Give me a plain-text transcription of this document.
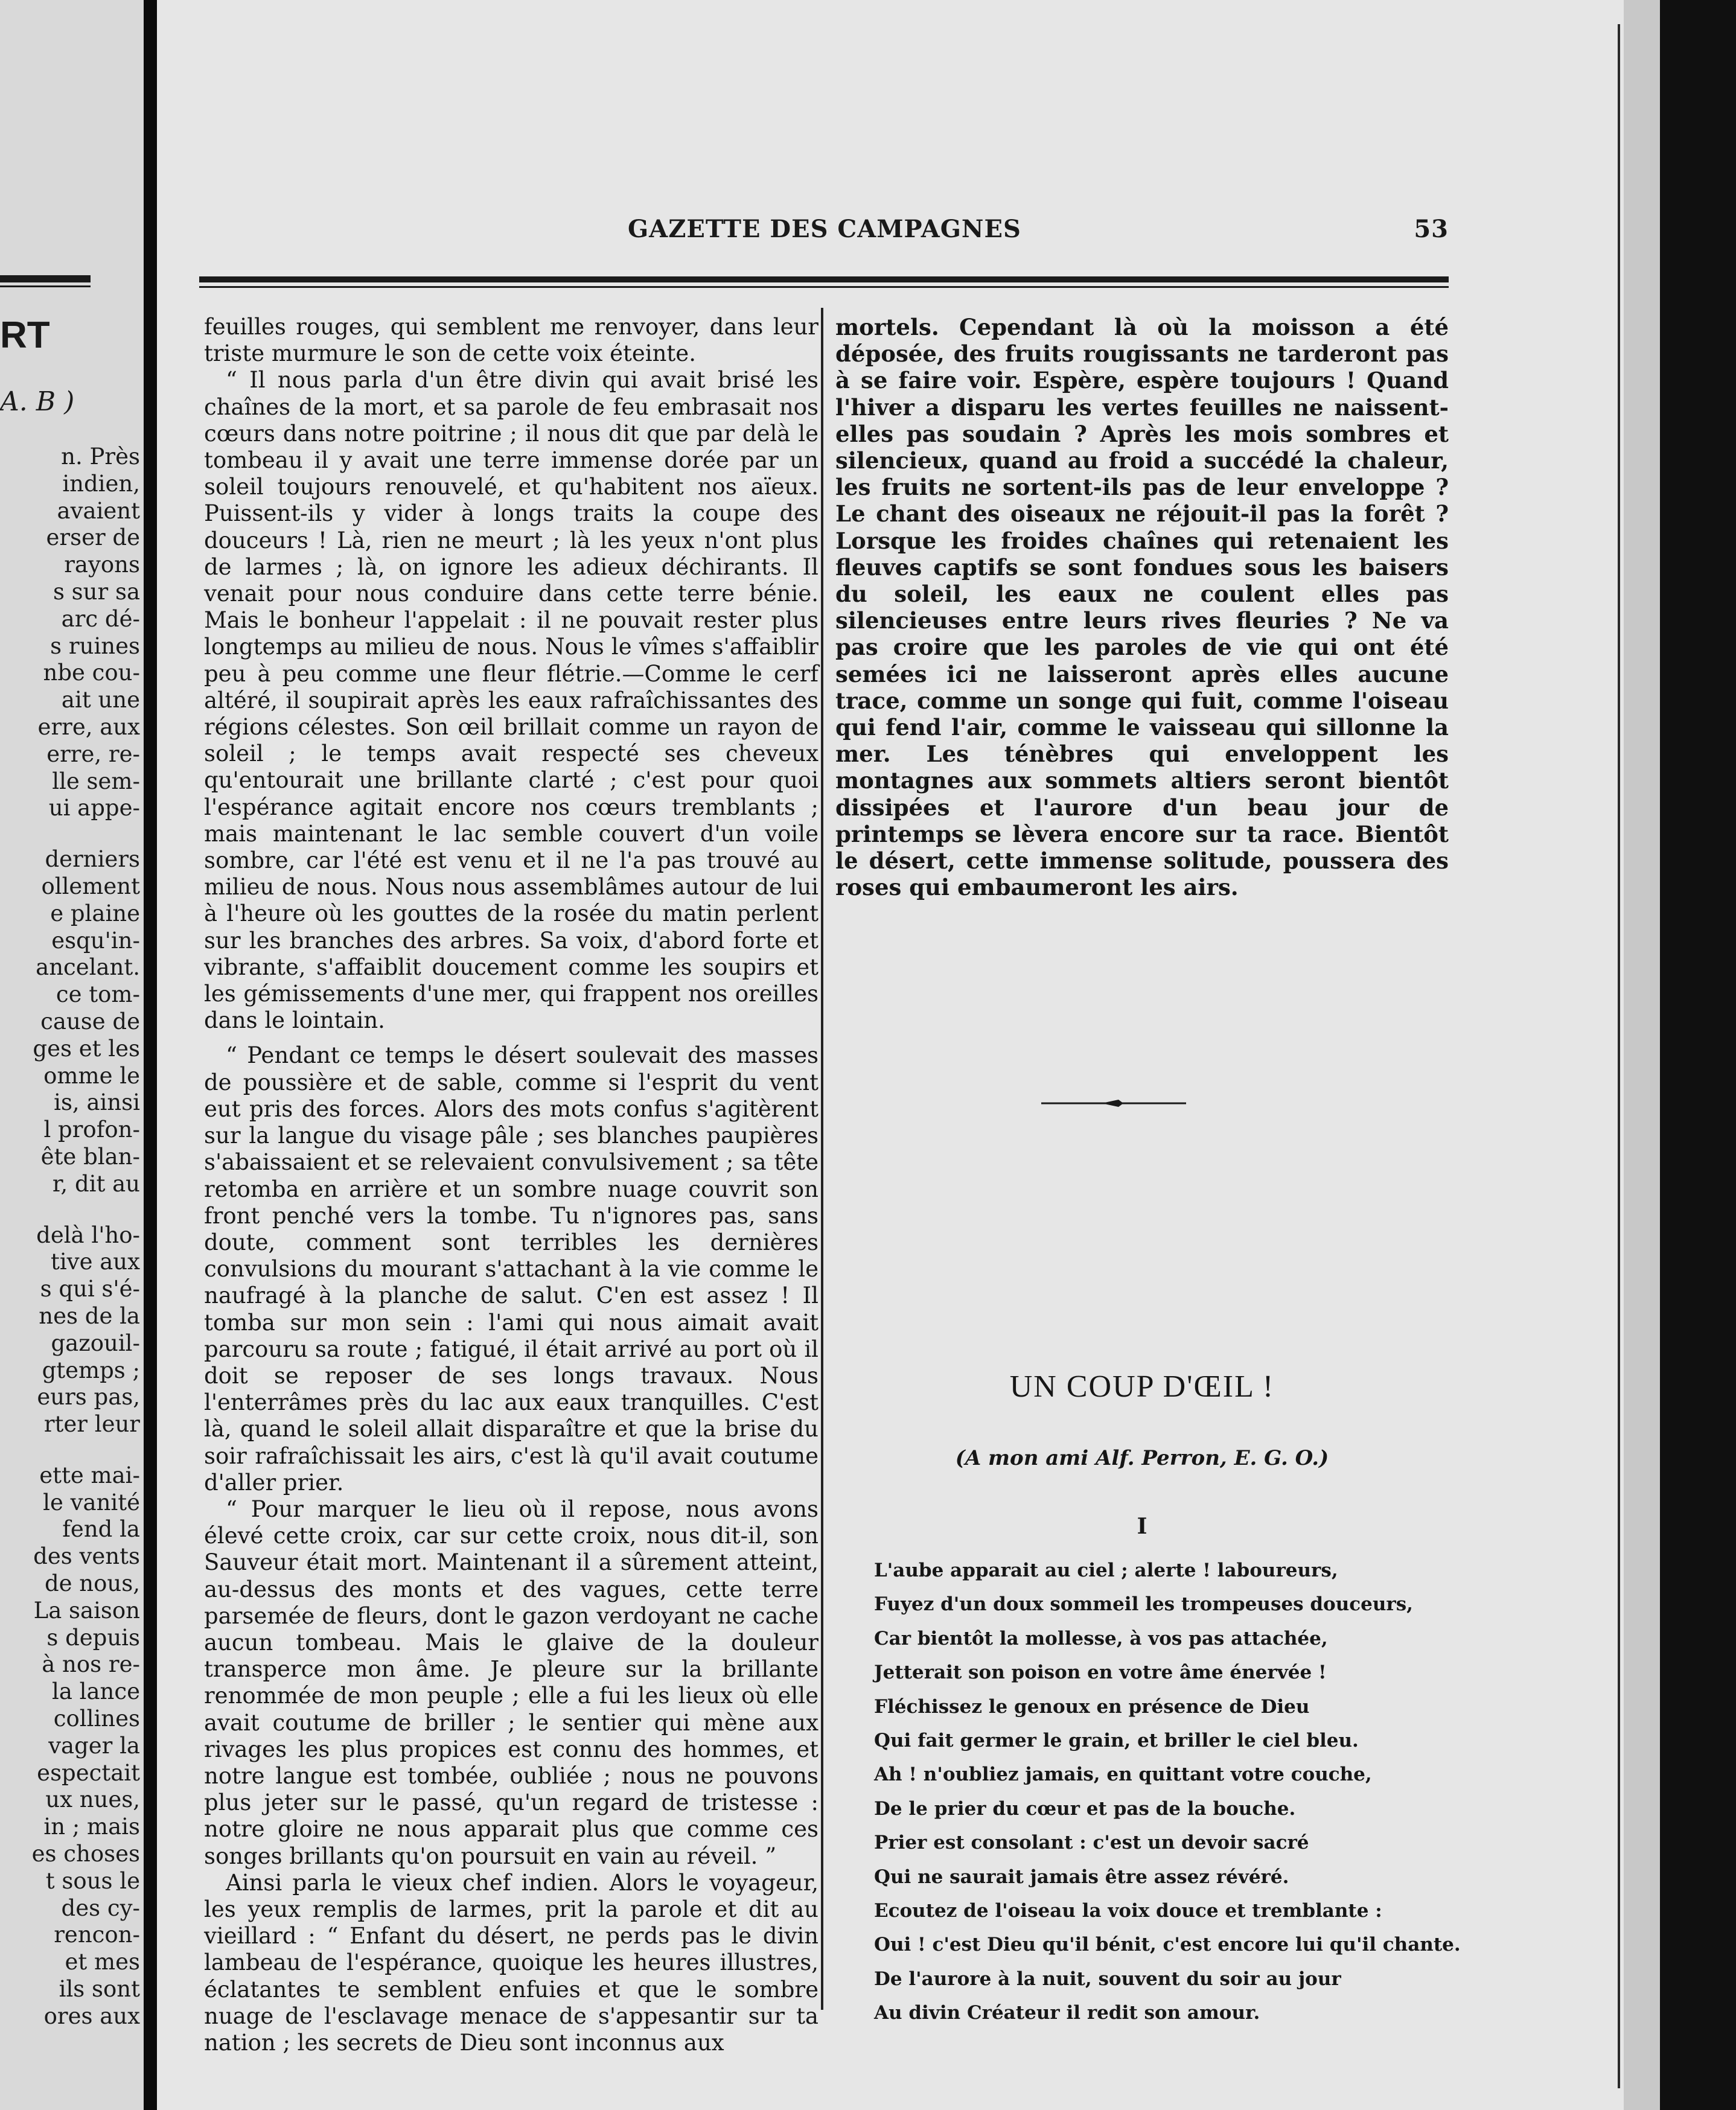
RT
A. B )
n. Près
indien,
avaient
erser de
rayons
s sur sa
arc dé-
s ruines
nbe cou-
ait une
erre, aux
erre, re-
lle sem-
ui appe-
derniers
ollement
e plaine
esqu'in-
ancelant.
ce tom-
cause de
ges et les
omme le
is, ainsi
l profon-
ête blan-
r, dit au
delà l'ho-
tive aux
s qui s'é-
nes de la
gazouil-
gtemps ;
eurs pas,
rter leur
ette mai-
le vanité
fend la
des vents
de nous,
La saison
s depuis
à nos re-
la lance
collines
vager la
espectait
ux nues,
in ; mais
es choses
t sous le
des cy-
rencon-
et mes
ils sont
ores aux
GAZETTE DES CAMPAGNES	53

feuilles rouges, qui semblent me renvoyer, dans leur triste murmure le son de cette voix éteinte.

“ Il nous parla d'un être divin qui avait brisé les chaînes de la mort, et sa parole de feu embrasait nos cœurs dans notre poitrine ; il nous dit que par delà le tombeau il y avait une terre immense dorée par un soleil toujours renouvelé, et qu'habitent nos aïeux. Puissent-ils y vider à longs traits la coupe des douceurs ! Là, rien ne meurt ; là les yeux n'ont plus de larmes ; là, on ignore les adieux déchirants. Il venait pour nous conduire dans cette terre bénie. Mais le bonheur l'appelait : il ne pouvait rester plus longtemps au milieu de nous. Nous le vîmes s'affaiblir peu à peu comme une fleur flétrie.—Comme le cerf altéré, il soupirait après les eaux rafraîchissantes des régions célestes. Son œil brillait comme un rayon de soleil ; le temps avait respecté ses cheveux qu'entourait une brillante clarté ; c'est pour quoi l'espérance agitait encore nos cœurs tremblants ; mais maintenant le lac semble couvert d'un voile sombre, car l'été est venu et il ne l'a pas trouvé au milieu de nous. Nous nous assemblâmes autour de lui à l'heure où les gouttes de la rosée du matin perlent sur les branches des arbres. Sa voix, d'abord forte et vibrante, s'affaiblit doucement comme les soupirs et les gémissements d'une mer, qui frappent nos oreilles dans le lointain.

“ Pendant ce temps le désert soulevait des masses de poussière et de sable, comme si l'esprit du vent eut pris des forces. Alors des mots confus s'agitèrent sur la langue du visage pâle ; ses blanches paupières s'abaissaient et se relevaient convulsivement ; sa tête retomba en arrière et un sombre nuage couvrit son front penché vers la tombe. Tu n'ignores pas, sans doute, comment sont terribles les dernières convulsions du mourant s'attachant à la vie comme le naufragé à la planche de salut. C'en est assez ! Il tomba sur mon sein : l'ami qui nous aimait avait parcouru sa route ; fatigué, il était arrivé au port où il doit se reposer de ses longs travaux. Nous l'enterrâmes près du lac aux eaux tranquilles. C'est là, quand le soleil allait disparaître et que la brise du soir rafraîchissait les airs, c'est là qu'il avait coutume d'aller prier.

“ Pour marquer le lieu où il repose, nous avons élevé cette croix, car sur cette croix, nous dit-il, son Sauveur était mort. Maintenant il a sûrement atteint, au-dessus des monts et des vagues, cette terre parsemée de fleurs, dont le gazon verdoyant ne cache aucun tombeau. Mais le glaive de la douleur transperce mon âme. Je pleure sur la brillante renommée de mon peuple ; elle a fui les lieux où elle avait coutume de briller ; le sentier qui mène aux rivages les plus propices est connu des hommes, et notre langue est tombée, oubliée ; nous ne pouvons plus jeter sur le passé, qu'un regard de tristesse : notre gloire ne nous apparait plus que comme ces songes brillants qu'on poursuit en vain au réveil. ”

Ainsi parla le vieux chef indien. Alors le voyageur, les yeux remplis de larmes, prit la parole et dit au vieillard : “ Enfant du désert, ne perds pas le divin lambeau de l'espérance, quoique les heures illustres, éclatantes te semblent enfuies et que le sombre nuage de l'esclavage menace de s'appesantir sur ta nation ; les secrets de Dieu sont inconnus aux

mortels. Cependant là où la moisson a été déposée, des fruits rougissants ne tarderont pas à se faire voir. Espère, espère toujours ! Quand l'hiver a disparu les vertes feuilles ne naissent-elles pas soudain ? Après les mois sombres et silencieux, quand au froid a succédé la chaleur, les fruits ne sortent-ils pas de leur enveloppe ? Le chant des oiseaux ne réjouit-il pas la forêt ? Lorsque les froides chaînes qui retenaient les fleuves captifs se sont fondues sous les baisers du soleil, les eaux ne coulent elles pas silencieuses entre leurs rives fleuries ? Ne va pas croire que les paroles de vie qui ont été semées ici ne laisseront après elles aucune trace, comme un songe qui fuit, comme l'oiseau qui fend l'air, comme le vaisseau qui sillonne la mer. Les ténèbres qui enveloppent les montagnes aux sommets altiers seront bientôt dissipées et l'aurore d'un beau jour de printemps se lèvera encore sur ta race. Bientôt le désert, cette immense solitude, poussera des roses qui embaumeront les airs.

UN COUP D'ŒIL !
(A mon ami Alf. Perron, E. G. O.)
I
L'aube apparait au ciel ; alerte ! laboureurs,
Fuyez d'un doux sommeil les trompeuses douceurs,
Car bientôt la mollesse, à vos pas attachée,
Jetterait son poison en votre âme énervée !
Fléchissez le genoux en présence de Dieu
Qui fait germer le grain, et briller le ciel bleu.
Ah ! n'oubliez jamais, en quittant votre couche,
De le prier du cœur et pas de la bouche.
Prier est consolant : c'est un devoir sacré
Qui ne saurait jamais être assez révéré.
Ecoutez de l'oiseau la voix douce et tremblante :
Oui ! c'est Dieu qu'il bénit, c'est encore lui qu'il chante.
De l'aurore à la nuit, souvent du soir au jour
Au divin Créateur il redit son amour.
